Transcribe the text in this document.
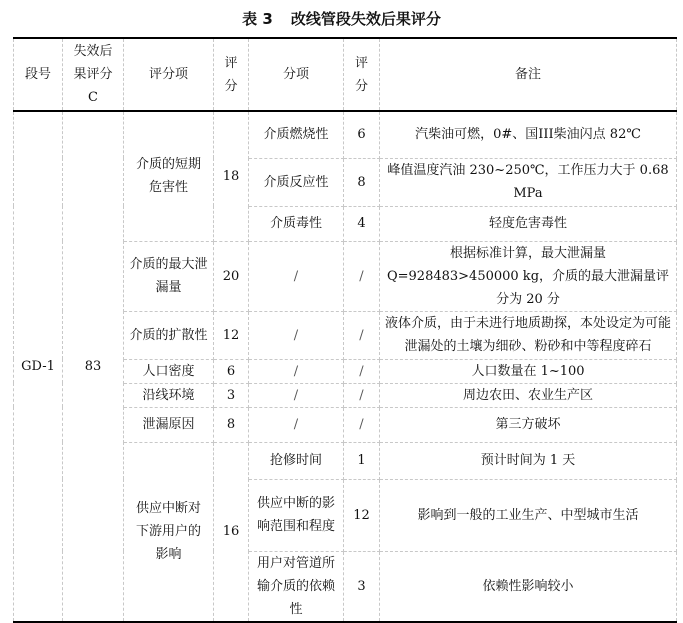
表 3 改线管段失效后果评分
段号	失效后果评分C	评分项	评分	分项	评分	备注
GD-1	83	介质的短期危害性	18	介质燃烧性	6	汽柴油可燃，0#、国III柴油闪点 82℃
				介质反应性	8	峰值温度汽油 230~250℃，工作压力大于 0.68 MPa
				介质毒性	4	轻度危害毒性
		介质的最大泄漏量	20	/	/	根据标准计算，最大泄漏量 Q=928483>450000 kg，介质的最大泄漏量评分为 20 分
		介质的扩散性	12	/	/	液体介质，由于未进行地质勘探，本处设定为可能泄漏处的土壤为细砂、粉砂和中等程度碎石
		人口密度	6	/	/	人口数量在 1~100
		沿线环境	3	/	/	周边农田、农业生产区
		泄漏原因	8	/	/	第三方破坏
		供应中断对下游用户的影响	16	抢修时间	1	预计时间为 1 天
				供应中断的影响范围和程度	12	影响到一般的工业生产、中型城市生活
				用户对管道所输介质的依赖性	3	依赖性影响较小
